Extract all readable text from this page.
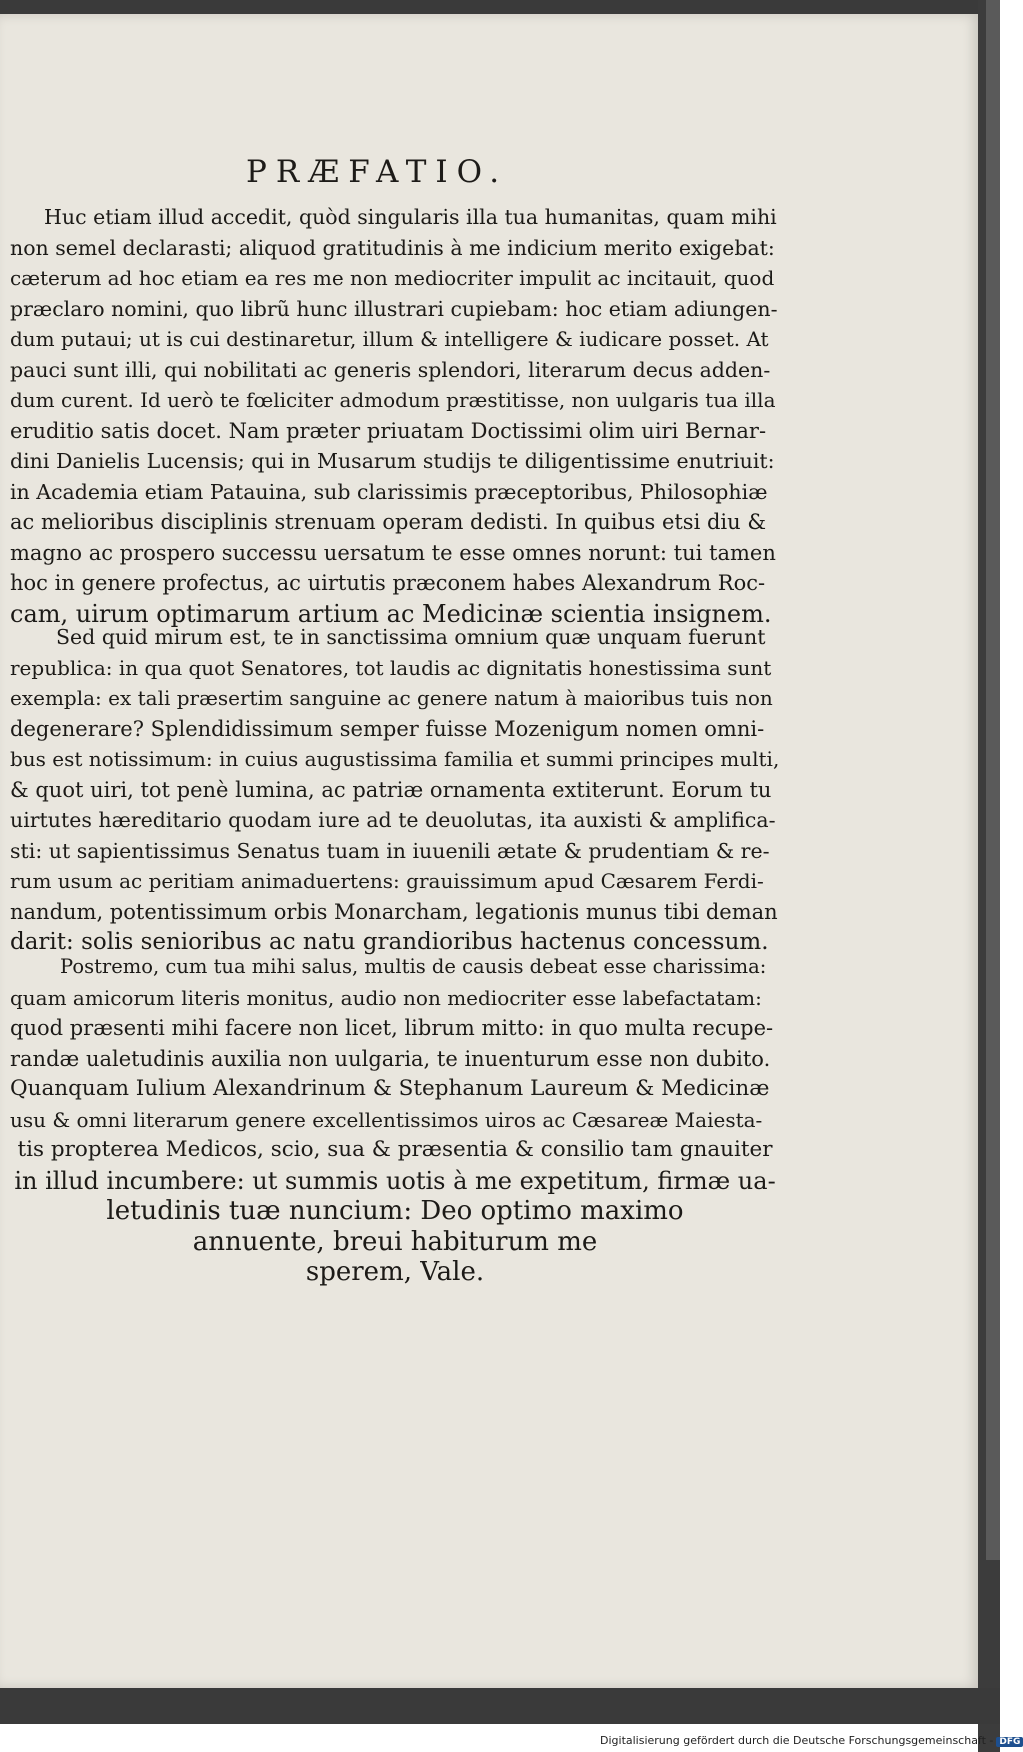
PRÆFATIO.
Huc etiam illud accedit, quòd singularis illa tua humanitas, quam mihi
non semel declarasti; aliquod gratitudinis à me indicium merito exigebat:
cæterum ad hoc etiam ea res me non mediocriter impulit ac incitauit, quod
præclaro nomini, quo librũ hunc illustrari cupiebam: hoc etiam adiungen-
dum putaui; ut is cui destinaretur, illum & intelligere & iudicare posset. At
pauci sunt illi, qui nobilitati ac generis splendori, literarum decus adden-
dum curent. Id uerò te fœliciter admodum præstitisse, non uulgaris tua illa
eruditio satis docet. Nam præter priuatam Doctissimi olim uiri Bernar-
dini Danielis Lucensis; qui in Musarum studijs te diligentissime enutriuit:
in Academia etiam Patauina, sub clarissimis præceptoribus, Philosophiæ
ac melioribus disciplinis strenuam operam dedisti. In quibus etsi diu &
magno ac prospero successu uersatum te esse omnes norunt: tui tamen
hoc in genere profectus, ac uirtutis præconem habes Alexandrum Roc-
cam, uirum optimarum artium ac Medicinæ scientia insignem.
Sed quid mirum est, te in sanctissima omnium quæ unquam fuerunt
republica: in qua quot Senatores, tot laudis ac dignitatis honestissima sunt
exempla: ex tali præsertim sanguine ac genere natum à maioribus tuis non
degenerare? Splendidissimum semper fuisse Mozenigum nomen omni-
bus est notissimum: in cuius augustissima familia et summi principes multi,
& quot uiri, tot penè lumina, ac patriæ ornamenta extiterunt. Eorum tu
uirtutes hæreditario quodam iure ad te deuolutas, ita auxisti & amplifica-
sti: ut sapientissimus Senatus tuam in iuuenili ætate & prudentiam & re-
rum usum ac peritiam animaduertens: grauissimum apud Cæsarem Ferdi-
nandum, potentissimum orbis Monarcham, legationis munus tibi deman
darit: solis senioribus ac natu grandioribus hactenus concessum.
Postremo, cum tua mihi salus, multis de causis debeat esse charissima:
quam amicorum literis monitus, audio non mediocriter esse labefactatam:
quod præsenti mihi facere non licet, librum mitto: in quo multa recupe-
randæ ualetudinis auxilia non uulgaria, te inuenturum esse non dubito.
Quanquam Iulium Alexandrinum & Stephanum Laureum & Medicinæ
usu & omni literarum genere excellentissimos uiros ac Cæsareæ Maiesta-
tis propterea Medicos, scio, sua & præsentia & consilio tam gnauiter
in illud incumbere: ut summis uotis à me expetitum, firmæ ua-
letudinis tuæ nuncium: Deo optimo maximo
annuente, breui habiturum me
sperem, Vale.
Digitalisierung gefördert durch die Deutsche Forschungsgemeinschaft - DFG
